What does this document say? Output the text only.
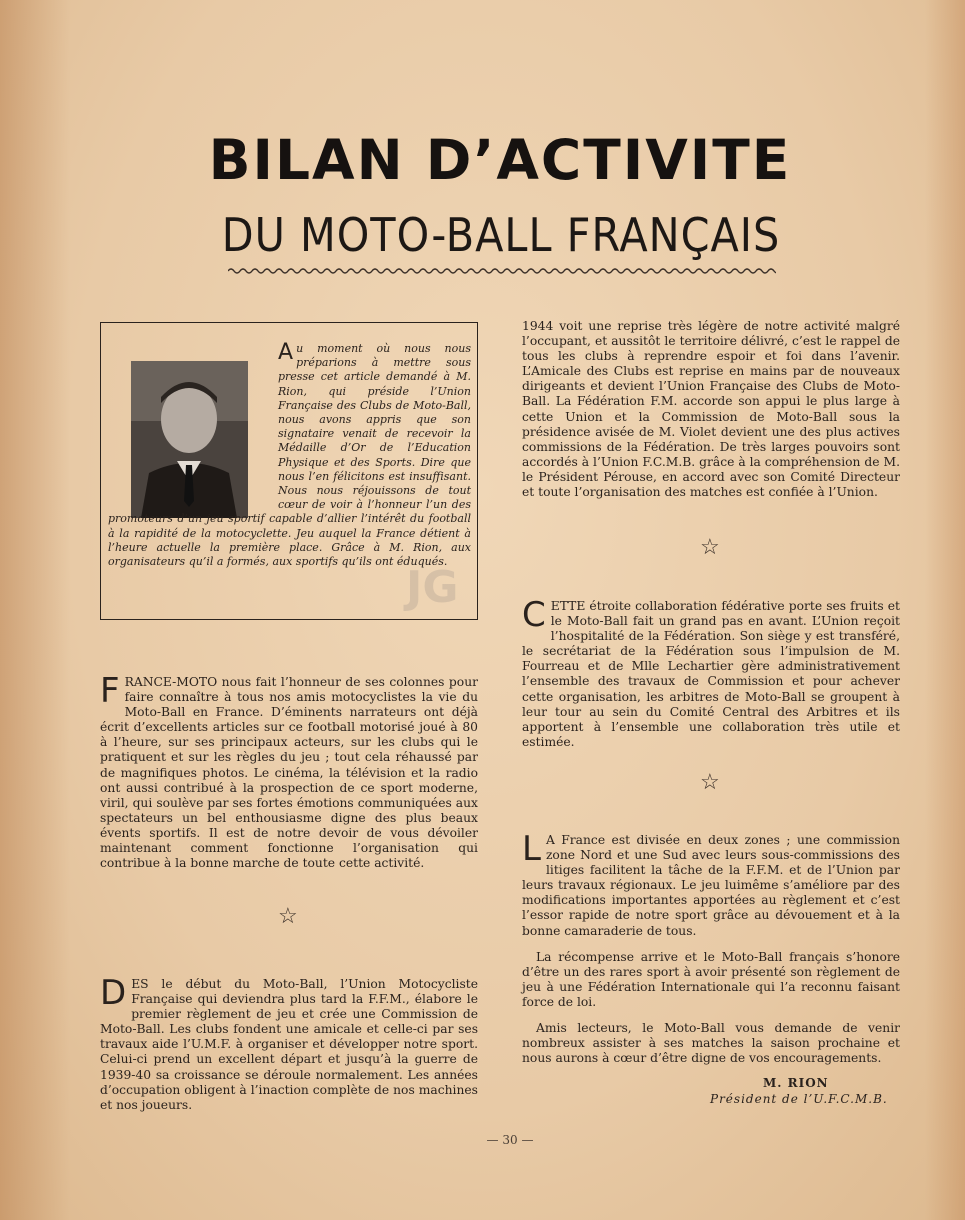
BILAN D’ACTIVITE
DU MOTO-BALL FRANÇAIS
A u moment où nous nous préparions à mettre sous presse cet article demandé à M. Rion, qui préside l’Union Française des Clubs de Moto-Ball, nous avons appris que son signataire venait de recevoir la Médaille d’Or de l’Education Physique et des Sports. Dire que nous l’en félicitons est insuffisant. Nous nous réjouissons de tout cœur de voir à l’honneur l’un des promoteurs d’un jeu sportif capable d’allier l’intérêt du football à la rapidité de la motocyclette. Jeu auquel la France détient à l’heure actuelle la première place. Grâce à M. Rion, aux organisateurs qu’il a formés, aux sportifs qu’ils ont éduqués.
JG

F RANCE-MOTO nous fait l’honneur de ses colonnes pour faire connaître à tous nos amis motocyclistes la vie du Moto-Ball en France. D’éminents narrateurs ont déjà écrit d’excellents articles sur ce football motorisé joué à 80 à l’heure, sur ses principaux acteurs, sur les clubs qui le pratiquent et sur les règles du jeu ; tout cela réhaussé par de magnifiques photos. Le cinéma, la télévision et la radio ont aussi contribué à la prospection de ce sport moderne, viril, qui soulève par ses fortes émotions communiquées aux spectateurs un bel enthousiasme digne des plus beaux évents sportifs. Il est de notre devoir de vous dévoiler maintenant comment fonctionne l’organisation qui contribue à la bonne marche de toute cette activité.

☆

D ES le début du Moto-Ball, l’Union Motocycliste Française qui deviendra plus tard la F.F.M., élabore le premier règlement de jeu et crée une Commission de Moto-Ball. Les clubs fondent une amicale et celle-ci par ses travaux aide l’U.M.F. à organiser et développer notre sport. Celui-ci prend un excellent départ et jusqu’à la guerre de 1939-40 sa croissance se déroule normalement. Les années d’occupation obligent à l’inaction complète de nos machines et nos joueurs.

1944 voit une reprise très légère de notre activité malgré l’occupant, et aussitôt le territoire délivré, c’est le rappel de tous les clubs à reprendre espoir et foi dans l’avenir. L’Amicale des Clubs est reprise en mains par de nouveaux dirigeants et devient l’Union Française des Clubs de Moto-Ball. La Fédération F.M. accorde son appui le plus large à cette Union et la Commission de Moto-Ball sous la présidence avisée de M. Violet devient une des plus actives commissions de la Fédération. De très larges pouvoirs sont accordés à l’Union F.C.M.B. grâce à la compréhension de M. le Président Pérouse, en accord avec son Comité Directeur et toute l’organisation des matches est confiée à l’Union.

☆

C ETTE étroite collaboration fédérative porte ses fruits et le Moto-Ball fait un grand pas en avant. L’Union reçoit l’hospitalité de la Fédération. Son siège y est transféré, le secrétariat de la Fédération sous l’impulsion de M. Fourreau et de Mlle Lechartier gère administrativement l’ensemble des travaux de Commission et pour achever cette organisation, les arbitres de Moto-Ball se groupent à leur tour au sein du Comité Central des Arbitres et ils apportent à l’ensemble une collaboration très utile et estimée.

☆

L A France est divisée en deux zones ; une commission zone Nord et une Sud avec leurs sous-commissions des litiges facilitent la tâche de la F.F.M. et de l’Union par leurs travaux régionaux. Le jeu luimême s’améliore par des modifications importantes apportées au règlement et c’est l’essor rapide de notre sport grâce au dévouement et à la bonne camaraderie de tous.

La récompense arrive et le Moto-Ball français s’honore d’être un des rares sport à avoir présenté son règlement de jeu à une Fédération Internationale qui l’a reconnu faisant force de loi.

Amis lecteurs, le Moto-Ball vous demande de venir nombreux assister à ses matches la saison prochaine et nous aurons à cœur d’être digne de vos encouragements.

M. RION
Président de l’U.F.C.M.B.
— 30 —
